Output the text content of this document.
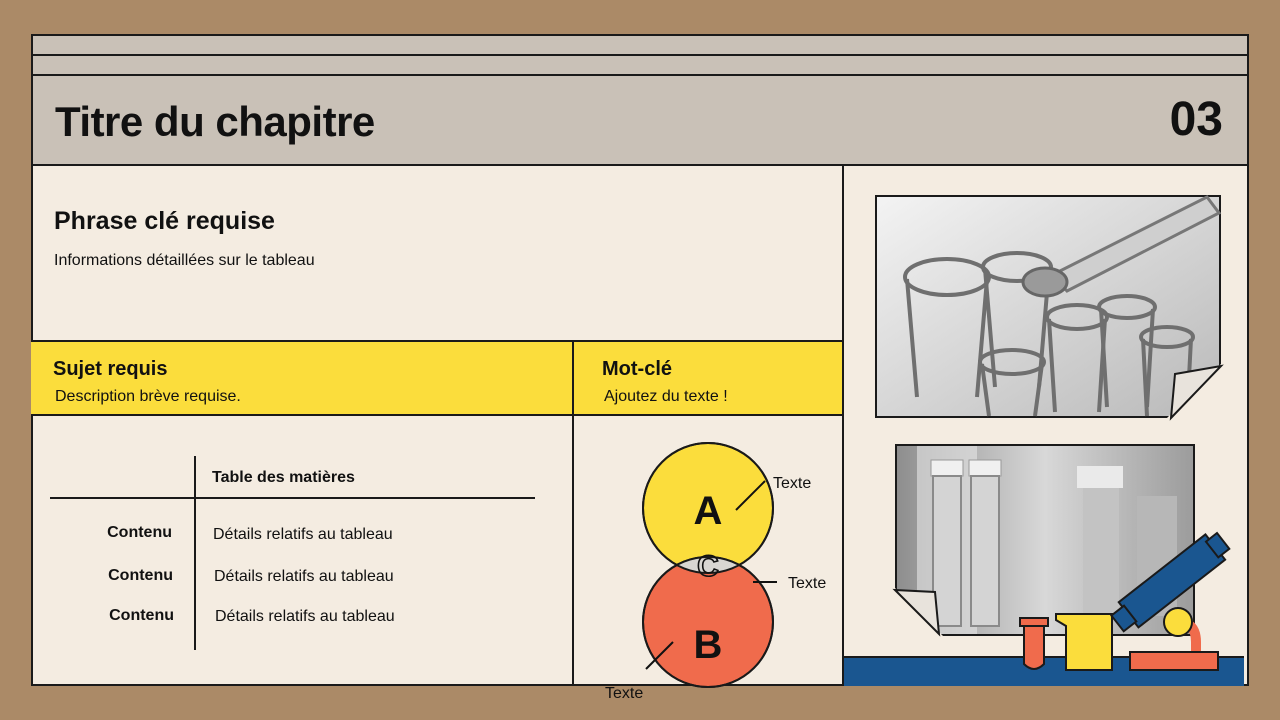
Titre du chapitre	03
Phrase clé requise
Informations détaillées sur le tableau
Sujet requis
Description brève requise.
Mot-clé
Ajoutez du texte !
Table des matières
Contenu	Détails relatifs au tableau
Contenu	Détails relatifs au tableau
Contenu	Détails relatifs au tableau
A
B
C
Texte
Texte
Texte
